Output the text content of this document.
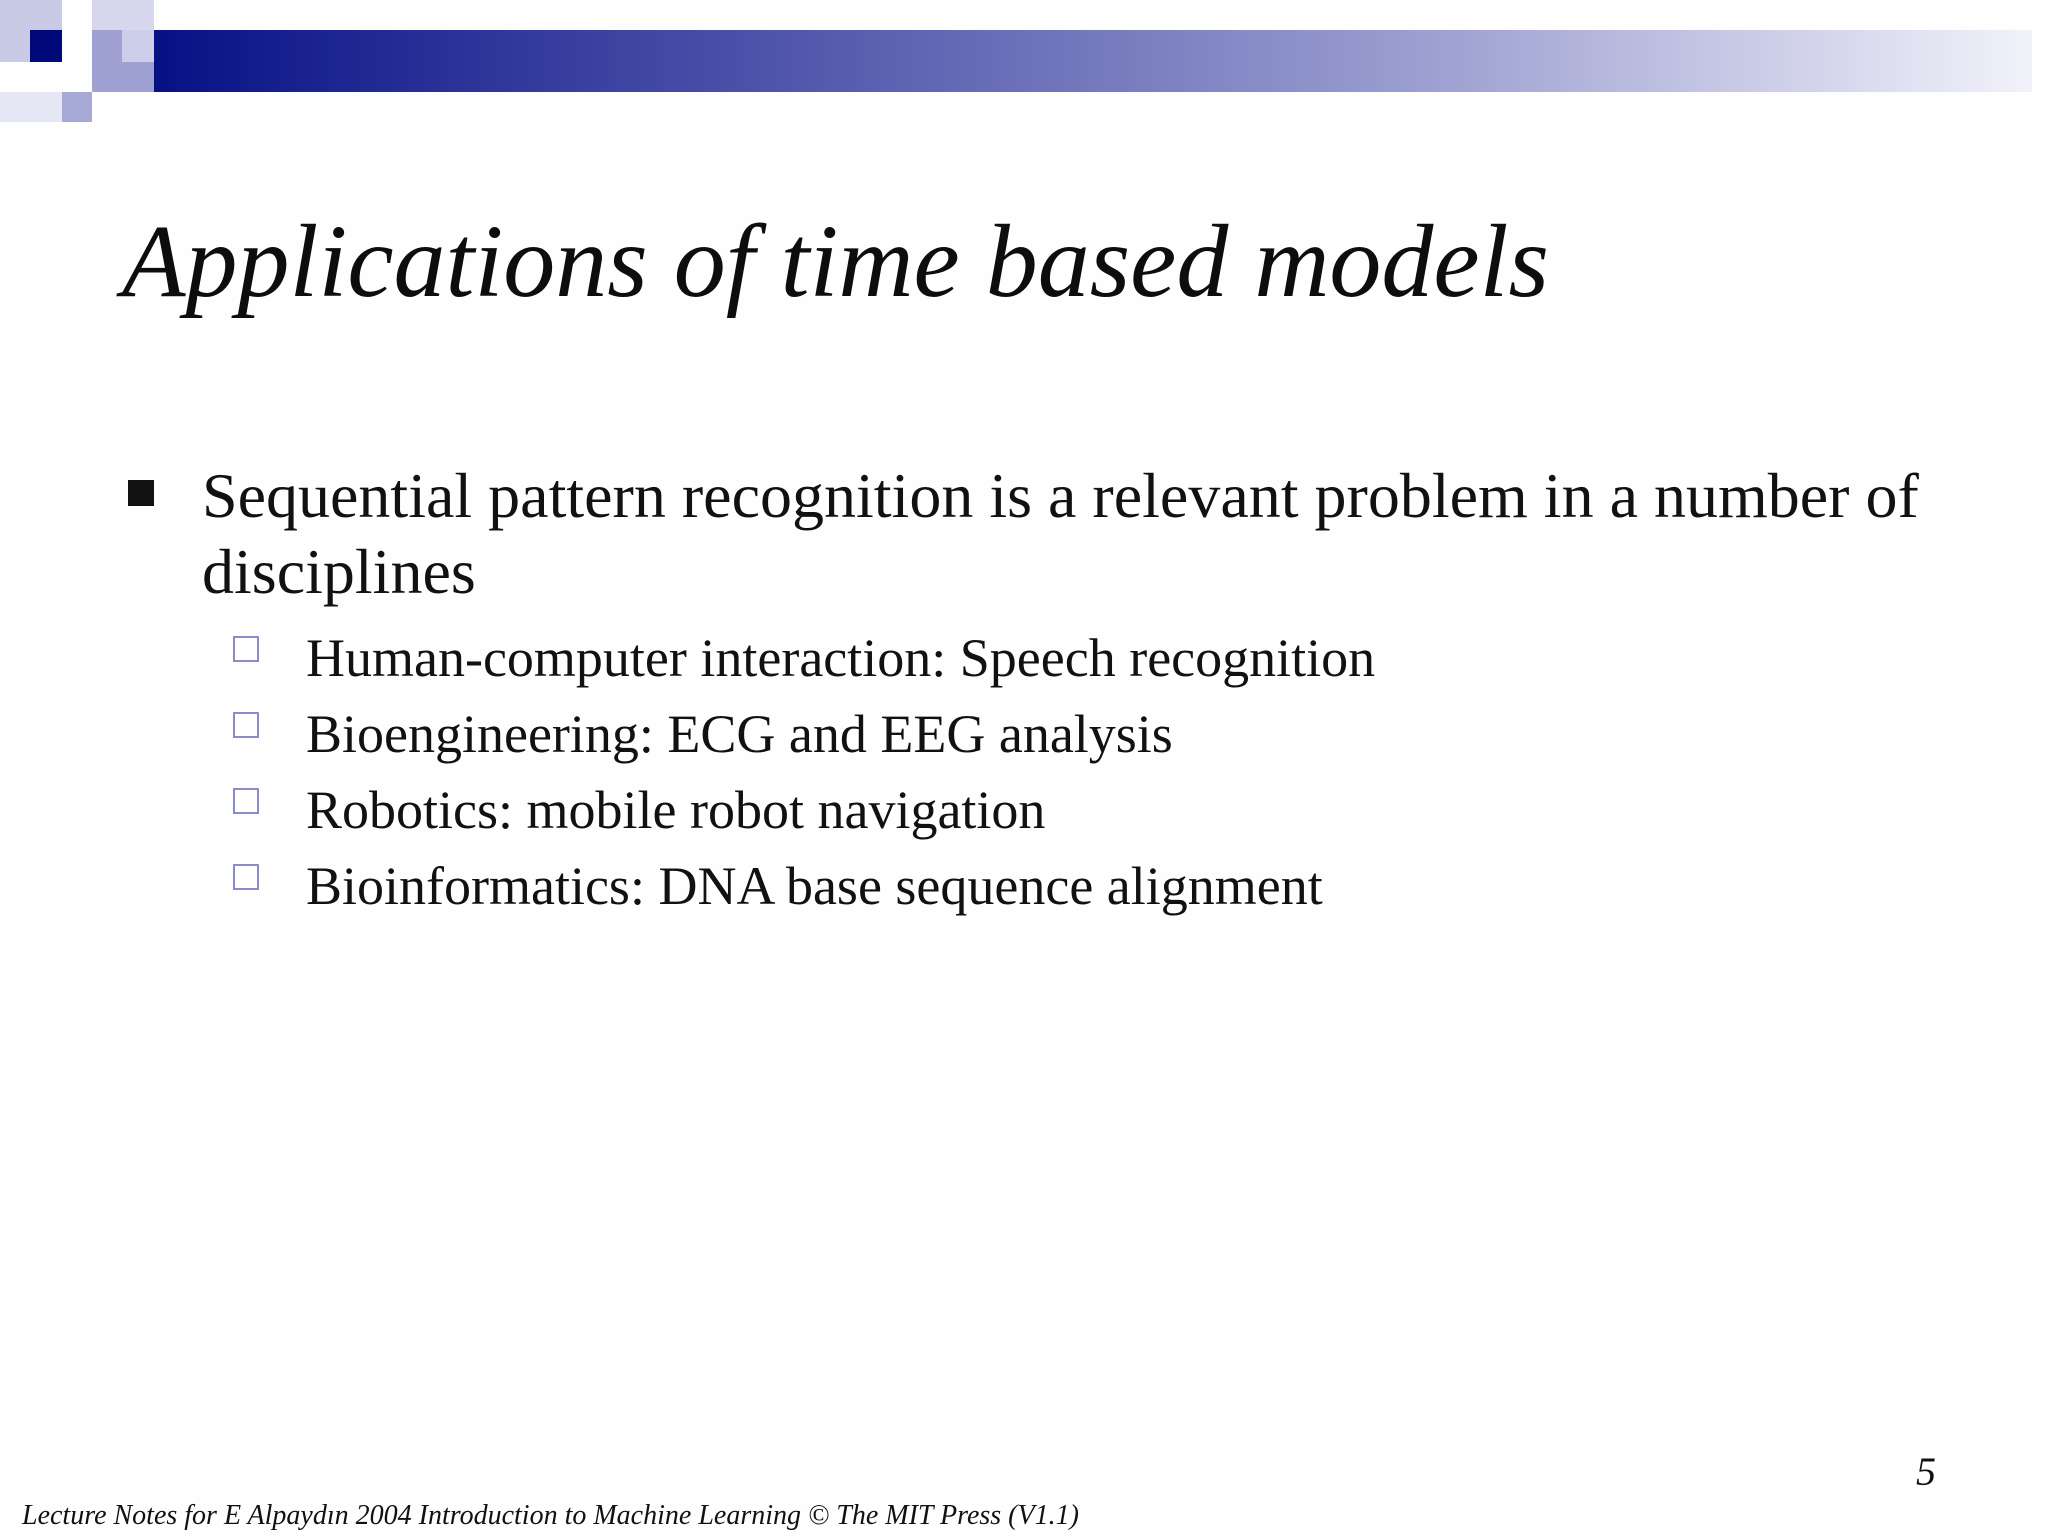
Applications of time based models
Sequential pattern recognition is a relevant problem in a number of disciplines
Human-computer interaction: Speech recognition
Bioengineering: ECG and EEG analysis
Robotics: mobile robot navigation
Bioinformatics: DNA base sequence alignment
5
Lecture Notes for E Alpaydın 2004 Introduction to Machine Learning © The MIT Press (V1.1)
